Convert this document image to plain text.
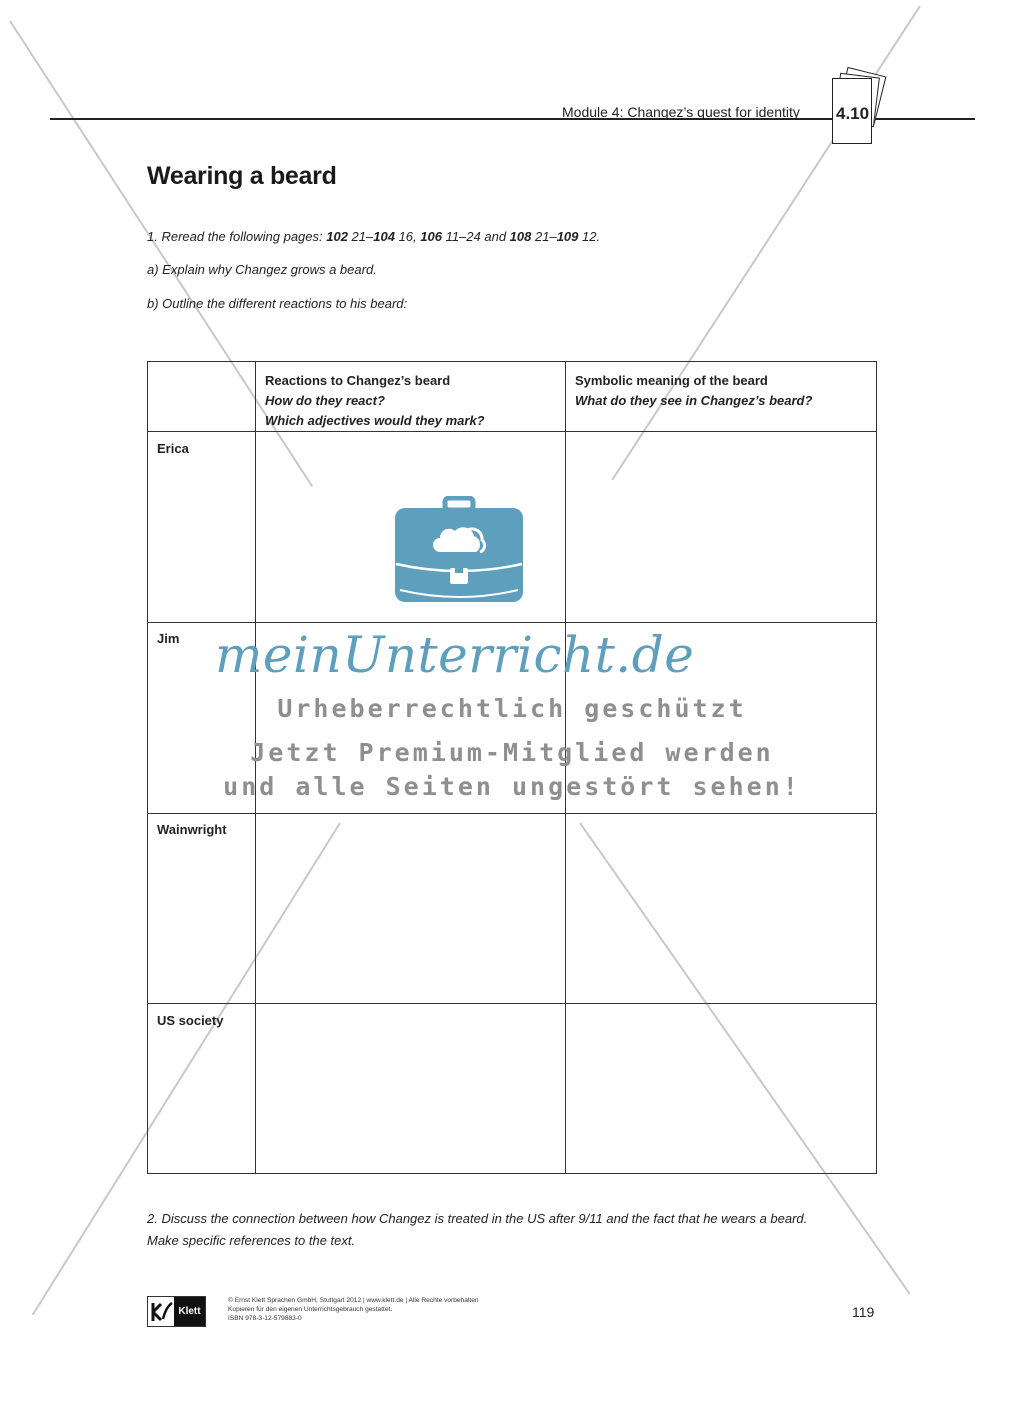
Module 4: Changez’s quest for identity 4.10
Wearing a beard
1. Reread the following pages: 102 21–104 16, 106 11–24 and 108 21–109 12.
a) Explain why Changez grows a beard.
b) Outline the different reactions to his beard:
Reactions to Changez’s beard
How do they react?
Which adjectives would they mark?
Symbolic meaning of the beard
What do they see in Changez’s beard?
Erica
Jim
Wainwright
US society
meinUnterricht.de
Urheberrechtlich geschützt
Jetzt Premium-Mitglied werden
und alle Seiten ungestört sehen!
2. Discuss the connection between how Changez is treated in the US after 9/11 and the fact that he wears a beard.
Make specific references to the text.
Klett
© Ernst Klett Sprachen GmbH, Stuttgart 2012 | www.klett.de | Alle Rechte vorbehalten
Kopieren für den eigenen Unterrichtsgebrauch gestattet.
ISBN 978-3-12-579883-0	119
